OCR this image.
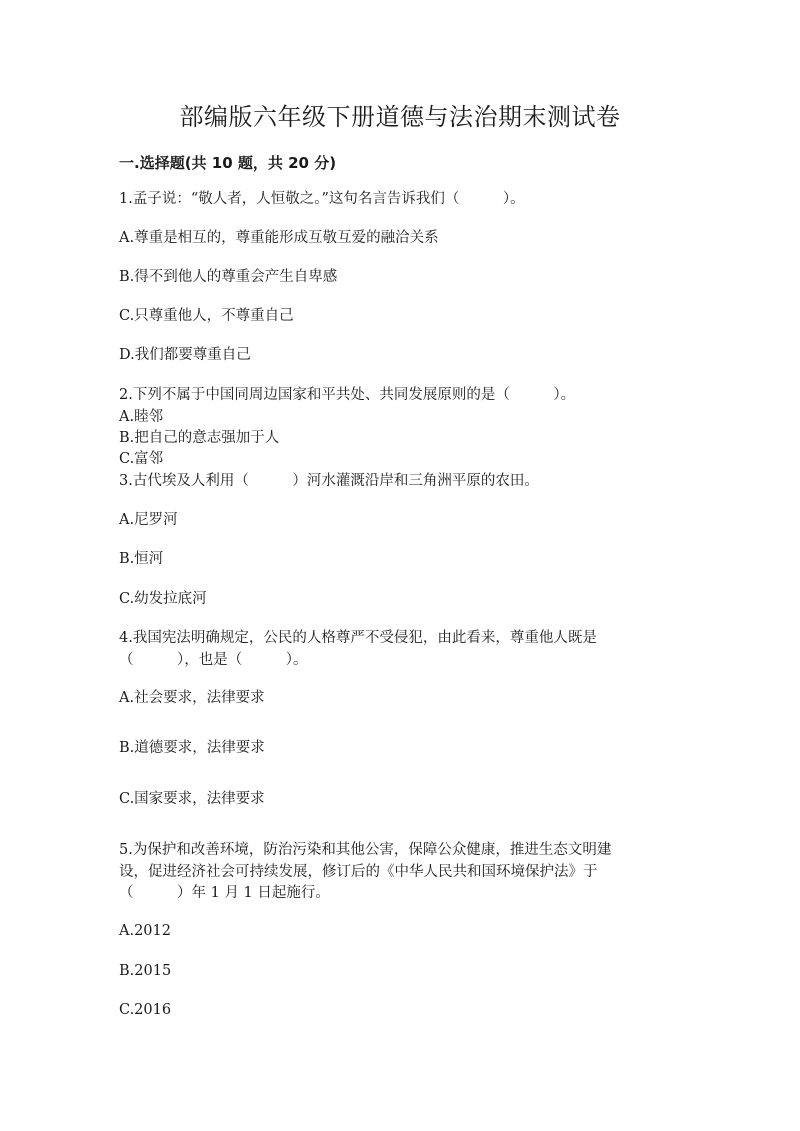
部编版六年级下册道德与法治期末测试卷
一.选择题(共 10 题，共 20 分)
1.孟子说：“敬人者，人恒敬之。”这句名言告诉我们（　　　）。
A.尊重是相互的，尊重能形成互敬互爱的融洽关系
B.得不到他人的尊重会产生自卑感
C.只尊重他人，不尊重自己
D.我们都要尊重自己
2.下列不属于中国同周边国家和平共处、共同发展原则的是（　　　）。
A.睦邻
B.把自己的意志强加于人
C.富邻
3.古代埃及人利用（　　　）河水灌溉沿岸和三角洲平原的农田。
A.尼罗河
B.恒河
C.幼发拉底河
4.我国宪法明确规定，公民的人格尊严不受侵犯，由此看来，尊重他人既是
（　　　），也是（　　　）。
A.社会要求，法律要求
B.道德要求，法律要求
C.国家要求，法律要求
5.为保护和改善环境，防治污染和其他公害，保障公众健康，推进生态文明建
设，促进经济社会可持续发展，修订后的《中华人民共和国环境保护法》于
（　　　）年 1 月 1 日起施行。
A.2012
B.2015
C.2016
